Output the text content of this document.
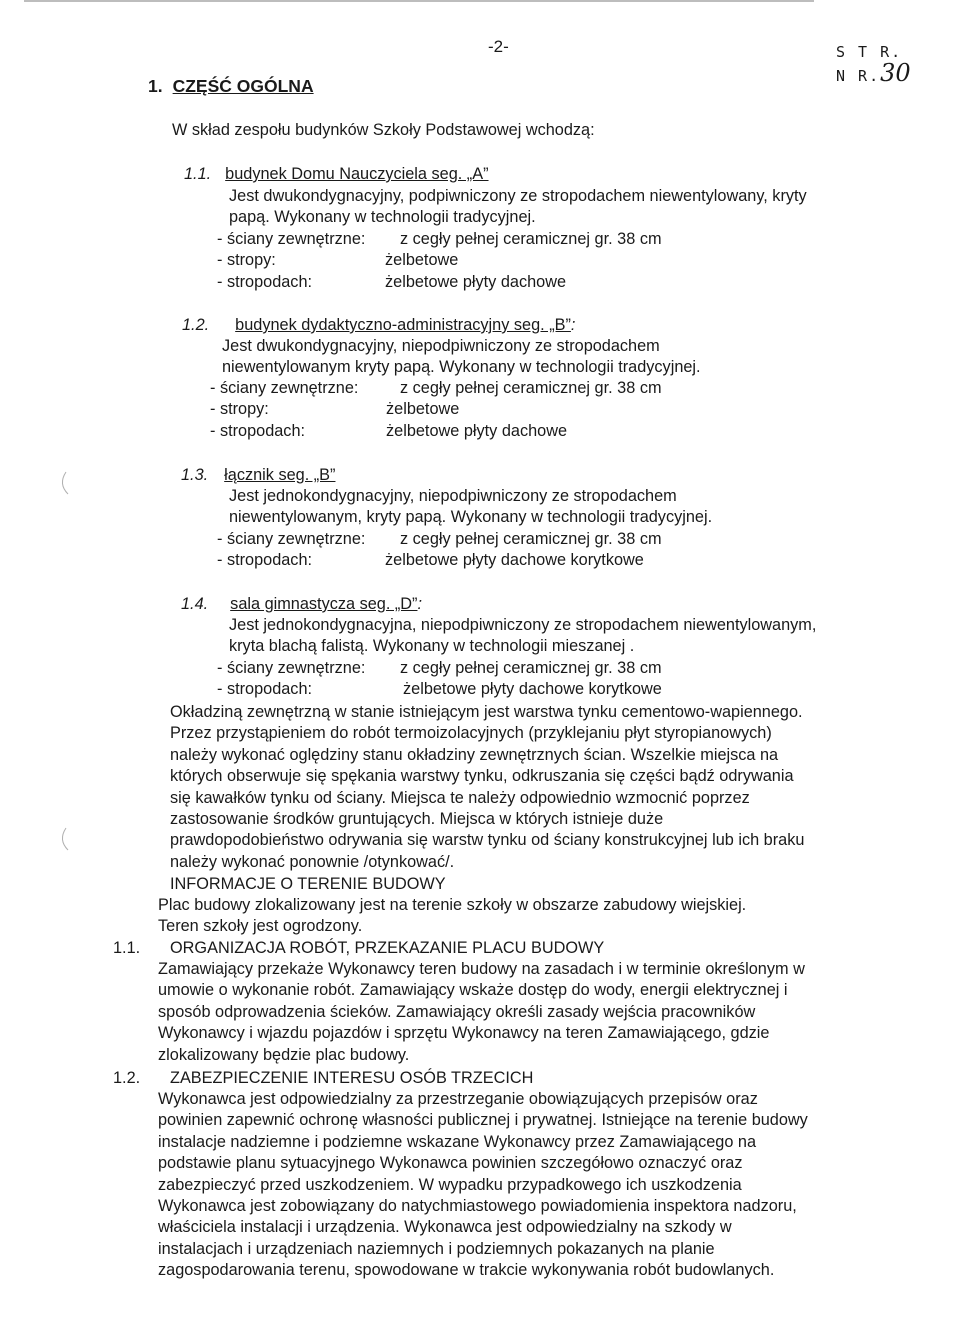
-2-	S T R.
N R.30
1. CZĘŚĆ OGÓLNA
W skład zespołu budynków Szkoły Podstawowej wchodzą:
1.1. budynek Domu Nauczyciela seg. „A”
Jest dwukondygnacyjny, podpiwniczony ze stropodachem niewentylowany, kryty
papą. Wykonany w technologii tradycyjnej.
- ściany zewnętrzne:	z cegły pełnej ceramicznej gr. 38 cm
- stropy:	żelbetowe
- stropodach:	żelbetowe płyty dachowe
1.2. budynek dydaktyczno-administracyjny seg. „B”:
Jest dwukondygnacyjny, niepodpiwniczony ze stropodachem
niewentylowanym kryty papą. Wykonany w technologii tradycyjnej.
- ściany zewnętrzne:	z cegły pełnej ceramicznej gr. 38 cm
- stropy:	żelbetowe
- stropodach:	żelbetowe płyty dachowe
1.3. łącznik seg. „B”
Jest jednokondygnacyjny, niepodpiwniczony ze stropodachem
niewentylowanym, kryty papą. Wykonany w technologii tradycyjnej.
- ściany zewnętrzne:	z cegły pełnej ceramicznej gr. 38 cm
- stropodach:	żelbetowe płyty dachowe korytkowe
1.4. sala gimnastycza seg. „D”:
Jest jednokondygnacyjna, niepodpiwniczony ze stropodachem niewentylowanym,
kryta blachą falistą. Wykonany w technologii mieszanej .
- ściany zewnętrzne:	z cegły pełnej ceramicznej gr. 38 cm
- stropodach:	żelbetowe płyty dachowe korytkowe
Okładziną zewnętrzną w stanie istniejącym jest warstwa tynku cementowo-wapiennego.
Przez przystąpieniem do robót termoizolacyjnych (przyklejaniu płyt styropianowych)
należy wykonać oględziny stanu okładziny zewnętrznych ścian. Wszelkie miejsca na
których obserwuje się spękania warstwy tynku, odkruszania się części bądź odrywania
się kawałków tynku od ściany. Miejsca te należy odpowiednio wzmocnić poprzez
zastosowanie środków gruntujących. Miejsca w których istnieje duże
prawdopodobieństwo odrywania się warstw tynku od ściany konstrukcyjnej lub ich braku
należy wykonać ponownie /otynkować/.
INFORMACJE O TERENIE BUDOWY
Plac budowy zlokalizowany jest na terenie szkoły w obszarze zabudowy wiejskiej.
Teren szkoły jest ogrodzony.
1.1. ORGANIZACJA ROBÓT, PRZEKAZANIE PLACU BUDOWY
Zamawiający przekaże Wykonawcy teren budowy na zasadach i w terminie określonym w
umowie o wykonanie robót. Zamawiający wskaże dostęp do wody, energii elektrycznej i
sposób odprowadzenia ścieków. Zamawiający określi zasady wejścia pracowników
Wykonawcy i wjazdu pojazdów i sprzętu Wykonawcy na teren Zamawiającego, gdzie
zlokalizowany będzie plac budowy.
1.2. ZABEZPIECZENIE INTERESU OSÓB TRZECICH
Wykonawca jest odpowiedzialny za przestrzeganie obowiązujących przepisów oraz
powinien zapewnić ochronę własności publicznej i prywatnej. Istniejące na terenie budowy
instalacje nadziemne i podziemne wskazane Wykonawcy przez Zamawiającego na
podstawie planu sytuacyjnego Wykonawca powinien szczegółowo oznaczyć oraz
zabezpieczyć przed uszkodzeniem. W wypadku przypadkowego ich uszkodzenia
Wykonawca jest zobowiązany do natychmiastowego powiadomienia inspektora nadzoru,
właściciela instalacji i urządzenia. Wykonawca jest odpowiedzialny na szkody w
instalacjach i urządzeniach naziemnych i podziemnych pokazanych na planie
zagospodarowania terenu, spowodowane w trakcie wykonywania robót budowlanych.
